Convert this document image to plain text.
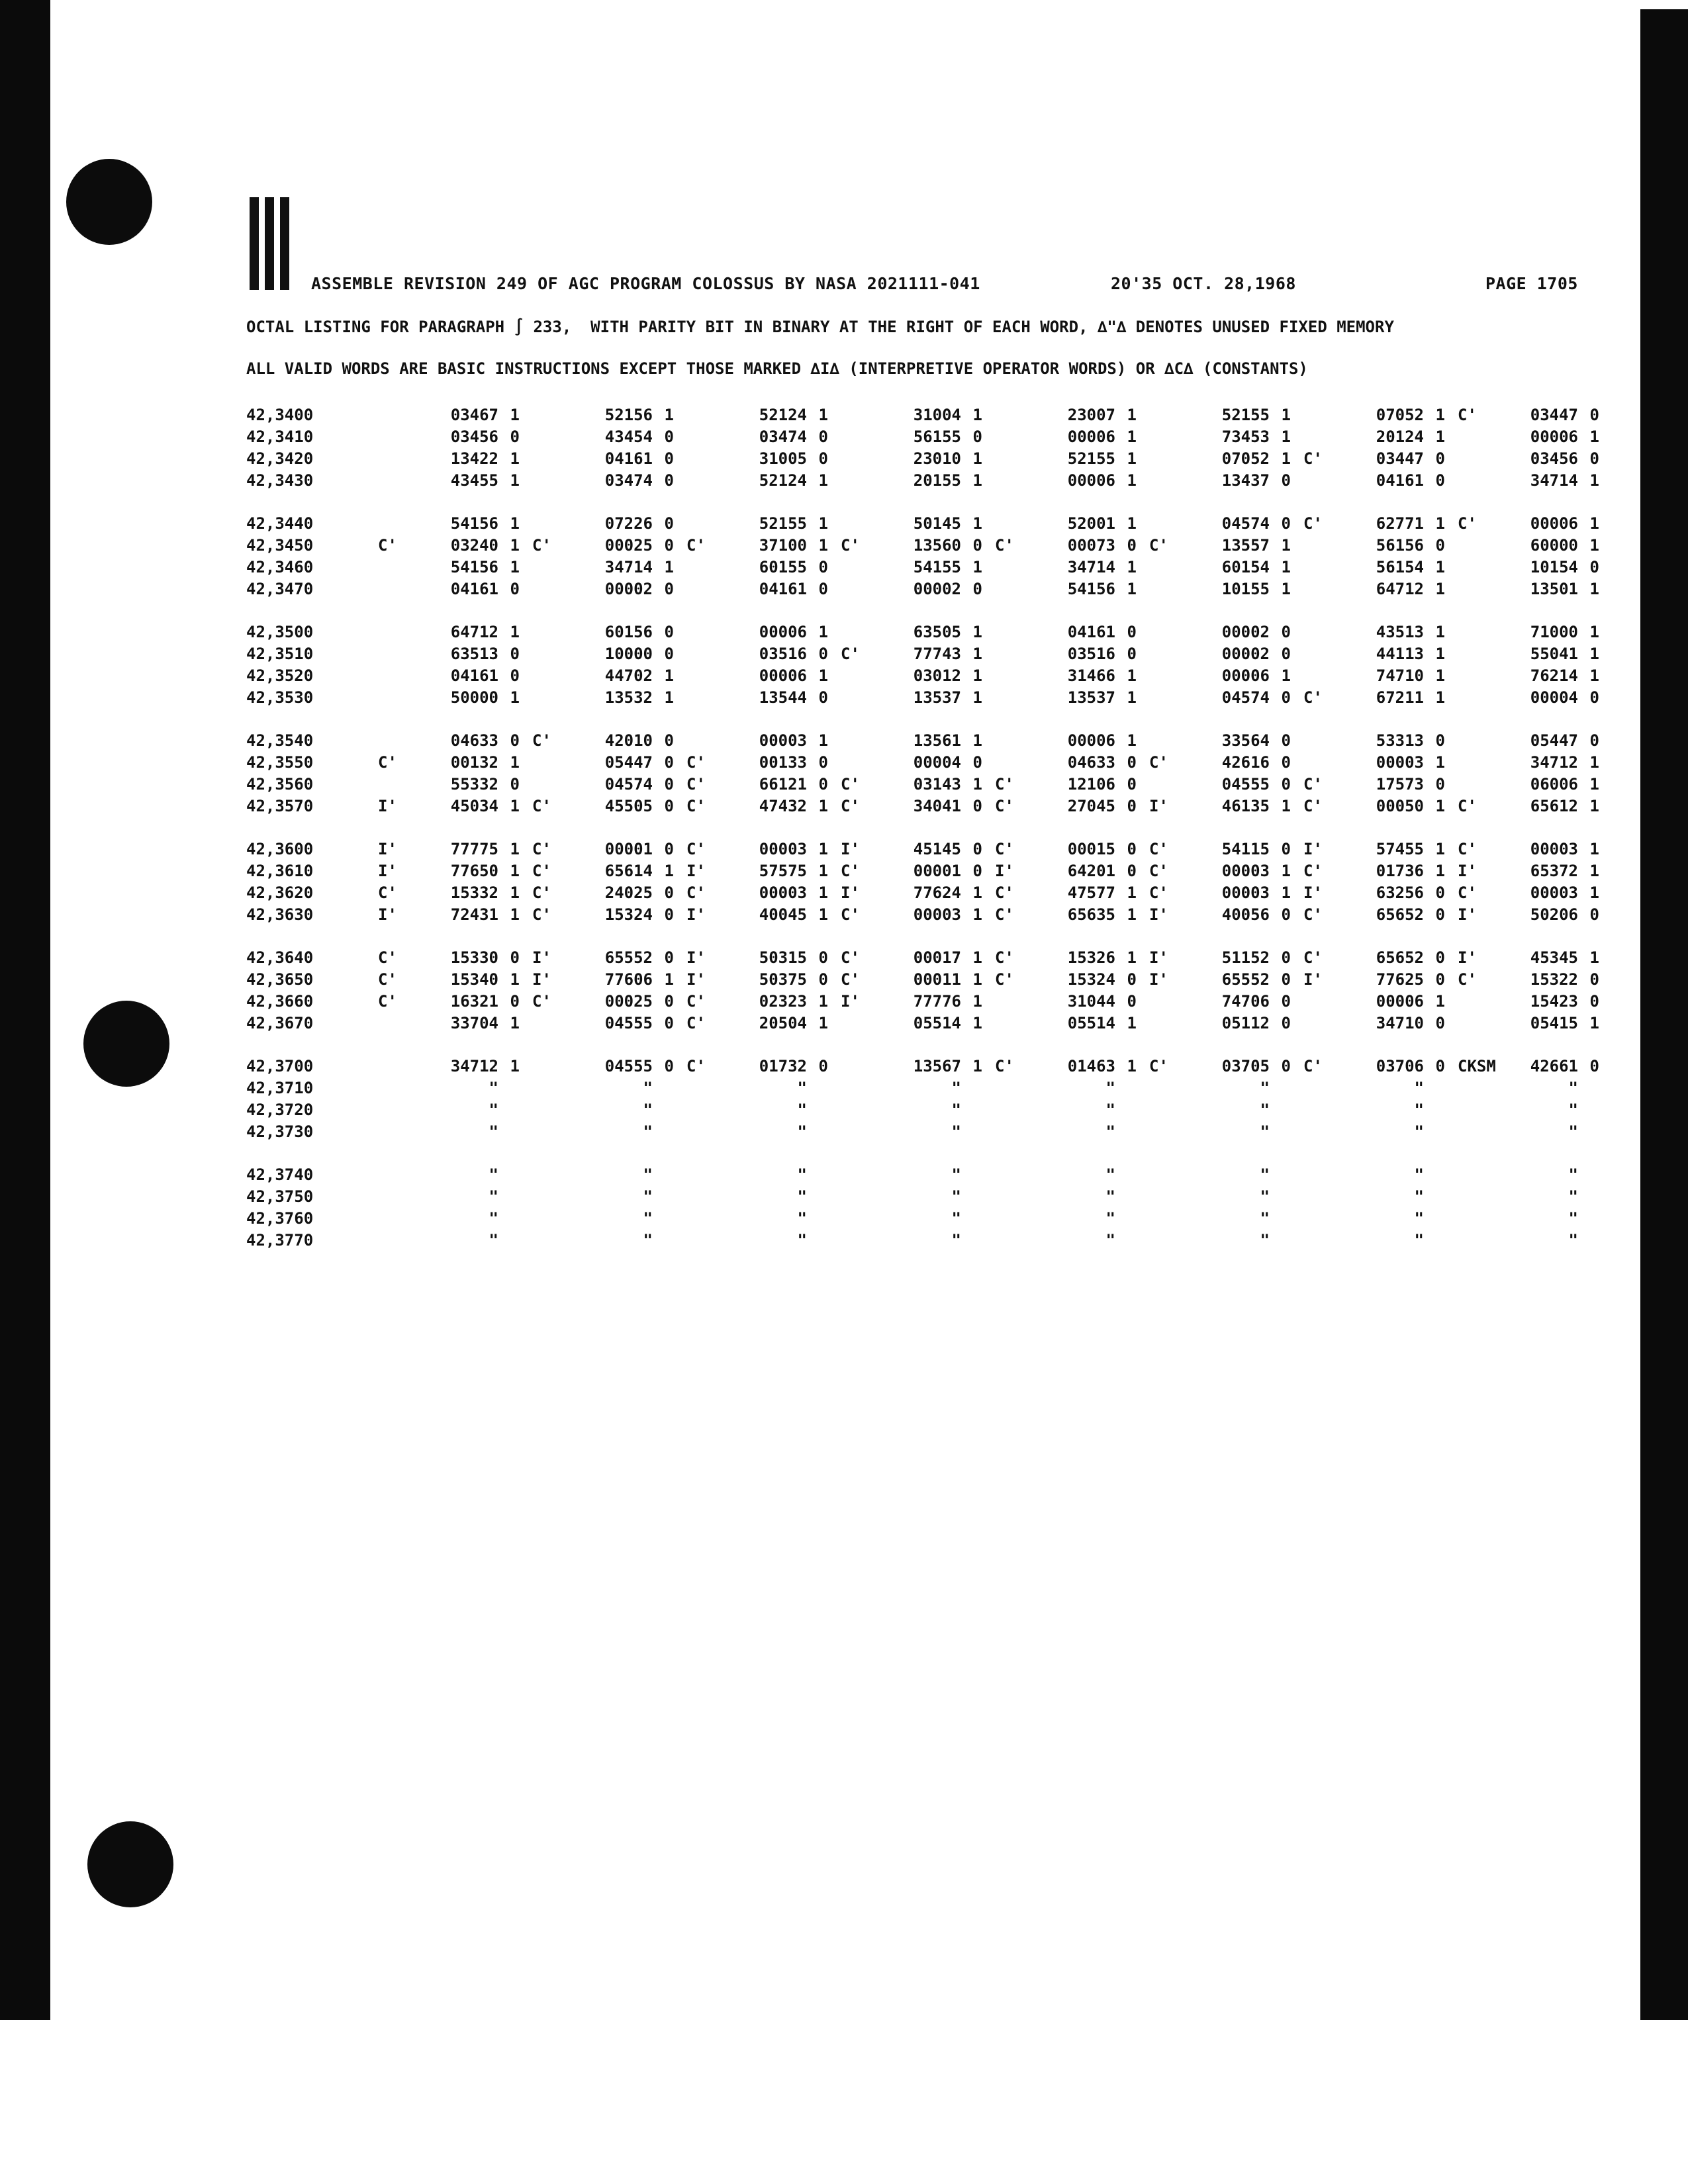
ASSEMBLE REVISION 249 OF AGC PROGRAM COLOSSUS BY NASA 2021111-041	20'35 OCT. 28,1968	PAGE 1705
OCTAL LISTING FOR PARAGRAPH ∫ 233,  WITH PARITY BIT IN BINARY AT THE RIGHT OF EACH WORD, ∆"∆ DENOTES UNUSED FIXED MEMORY
ALL VALID WORDS ARE BASIC INSTRUCTIONS EXCEPT THOSE MARKED ∆I∆ (INTERPRETIVE OPERATOR WORDS) OR ∆C∆ (CONSTANTS)
42,3400	03467 1	52156 1	52124 1	31004 1	23007 1	52155 1	07052 1 C'	03447 0
42,3410	03456 0	43454 0	03474 0	56155 0	00006 1	73453 1	20124 1	00006 1
42,3420	13422 1	04161 0	31005 0	23010 1	52155 1	07052 1 C'	03447 0	03456 0
42,3430	43455 1	03474 0	52124 1	20155 1	00006 1	13437 0	04161 0	34714 1
42,3440	54156 1	07226 0	52155 1	50145 1	52001 1	04574 0 C'	62771 1 C'	00006 1
42,3450	C'	03240 1 C'	00025 0 C'	37100 1 C'	13560 0 C'	00073 0 C'	13557 1	56156 0	60000 1
42,3460	54156 1	34714 1	60155 0	54155 1	34714 1	60154 1	56154 1	10154 0
42,3470	04161 0	00002 0	04161 0	00002 0	54156 1	10155 1	64712 1	13501 1
42,3500	64712 1	60156 0	00006 1	63505 1	04161 0	00002 0	43513 1	71000 1
42,3510	63513 0	10000 0	03516 0 C'	77743 1	03516 0	00002 0	44113 1	55041 1
42,3520	04161 0	44702 1	00006 1	03012 1	31466 1	00006 1	74710 1	76214 1
42,3530	50000 1	13532 1	13544 0	13537 1	13537 1	04574 0 C'	67211 1	00004 0
42,3540	04633 0 C'	42010 0	00003 1	13561 1	00006 1	33564 0	53313 0	05447 0
42,3550	C'	00132 1	05447 0 C'	00133 0	00004 0	04633 0 C'	42616 0	00003 1	34712 1
42,3560	55332 0	04574 0 C'	66121 0 C'	03143 1 C'	12106 0	04555 0 C'	17573 0	06006 1
42,3570	I'	45034 1 C'	45505 0 C'	47432 1 C'	34041 0 C'	27045 0 I'	46135 1 C'	00050 1 C'	65612 1
42,3600	I'	77775 1 C'	00001 0 C'	00003 1 I'	45145 0 C'	00015 0 C'	54115 0 I'	57455 1 C'	00003 1
42,3610	I'	77650 1 C'	65614 1 I'	57575 1 C'	00001 0 I'	64201 0 C'	00003 1 C'	01736 1 I'	65372 1
42,3620	C'	15332 1 C'	24025 0 C'	00003 1 I'	77624 1 C'	47577 1 C'	00003 1 I'	63256 0 C'	00003 1
42,3630	I'	72431 1 C'	15324 0 I'	40045 1 C'	00003 1 C'	65635 1 I'	40056 0 C'	65652 0 I'	50206 0
42,3640	C'	15330 0 I'	65552 0 I'	50315 0 C'	00017 1 C'	15326 1 I'	51152 0 C'	65652 0 I'	45345 1
42,3650	C'	15340 1 I'	77606 1 I'	50375 0 C'	00011 1 C'	15324 0 I'	65552 0 I'	77625 0 C'	15322 0
42,3660	C'	16321 0 C'	00025 0 C'	02323 1 I'	77776 1	31044 0	74706 0	00006 1	15423 0
42,3670	33704 1	04555 0 C'	20504 1	05514 1	05514 1	05112 0	34710 0	05415 1
42,3700	34712 1	04555 0 C'	01732 0	13567 1 C'	01463 1 C'	03705 0 C'	03706 0 CKSM	42661 0
42,3710	"	"	"	"	"	"	"	"
42,3720	"	"	"	"	"	"	"	"
42,3730	"	"	"	"	"	"	"	"
42,3740	"	"	"	"	"	"	"	"
42,3750	"	"	"	"	"	"	"	"
42,3760	"	"	"	"	"	"	"	"
42,3770	"	"	"	"	"	"	"	"
